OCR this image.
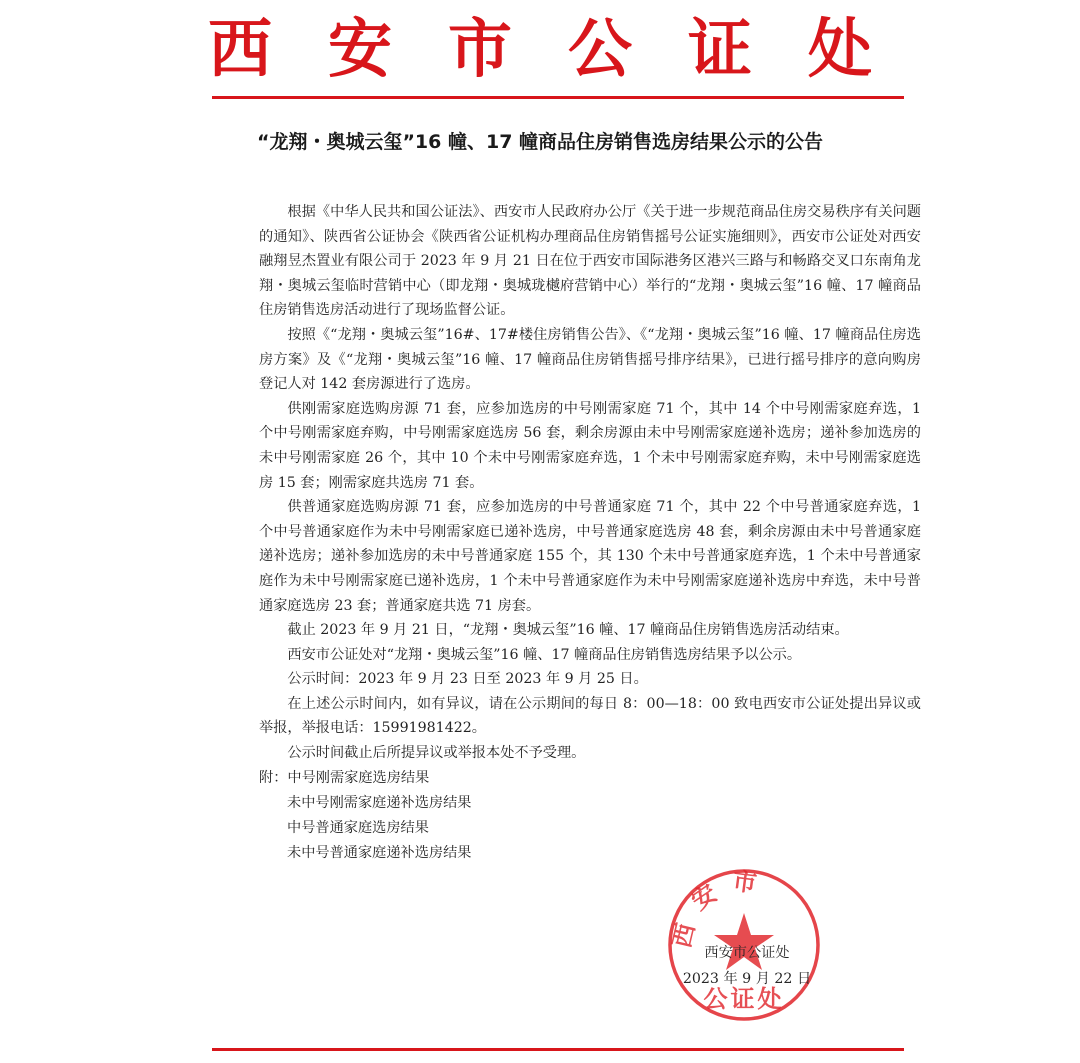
西 安 市 公 证 处
“龙翔・奥城云玺”16 幢、17 幢商品住房销售选房结果公示的公告

根据《中华人民共和国公证法》、西安市人民政府办公厅《关于进一步规范商品住房交易秩序有关问题的通知》、陕西省公证协会《陕西省公证机构办理商品住房销售摇号公证实施细则》，西安市公证处对西安融翔昱杰置业有限公司于 2023 年 9 月 21 日在位于西安市国际港务区港兴三路与和畅路交叉口东南角龙翔・奥城云玺临时营销中心（即龙翔・奥城珑樾府营销中心）举行的“龙翔・奥城云玺”16 幢、17 幢商品住房销售选房活动进行了现场监督公证。

按照《“龙翔・奥城云玺”16#、17#楼住房销售公告》、《“龙翔・奥城云玺”16 幢、17 幢商品住房选房方案》及《“龙翔・奥城云玺”16 幢、17 幢商品住房销售摇号排序结果》，已进行摇号排序的意向购房登记人对 142 套房源进行了选房。

供刚需家庭选购房源 71 套，应参加选房的中号刚需家庭 71 个，其中 14 个中号刚需家庭弃选，1 个中号刚需家庭弃购，中号刚需家庭选房 56 套，剩余房源由未中号刚需家庭递补选房；递补参加选房的未中号刚需家庭 26 个，其中 10 个未中号刚需家庭弃选，1 个未中号刚需家庭弃购，未中号刚需家庭选房 15 套；刚需家庭共选房 71 套。

供普通家庭选购房源 71 套，应参加选房的中号普通家庭 71 个，其中 22 个中号普通家庭弃选，1 个中号普通家庭作为未中号刚需家庭已递补选房，中号普通家庭选房 48 套，剩余房源由未中号普通家庭递补选房；递补参加选房的未中号普通家庭 155 个，其 130 个未中号普通家庭弃选，1 个未中号普通家庭作为未中号刚需家庭已递补选房，1 个未中号普通家庭作为未中号刚需家庭递补选房中弃选，未中号普通家庭选房 23 套；普通家庭共选 71 房套。

截止 2023 年 9 月 21 日，“龙翔・奥城云玺”16 幢、17 幢商品住房销售选房活动结束。

西安市公证处对“龙翔・奥城云玺”16 幢、17 幢商品住房销售选房结果予以公示。

公示时间：2023 年 9 月 23 日至 2023 年 9 月 25 日。

在上述公示时间内，如有异议，请在公示期间的每日 8：00—18：00 致电西安市公证处提出异议或举报，举报电话：15991981422。

公示时间截止后所提异议或举报本处不予受理。

附：中号刚需家庭选房结果
未中号刚需家庭递补选房结果
中号普通家庭选房结果
未中号普通家庭递补选房结果
西安市
公证处
西安市公证处
2023 年 9 月 22 日
